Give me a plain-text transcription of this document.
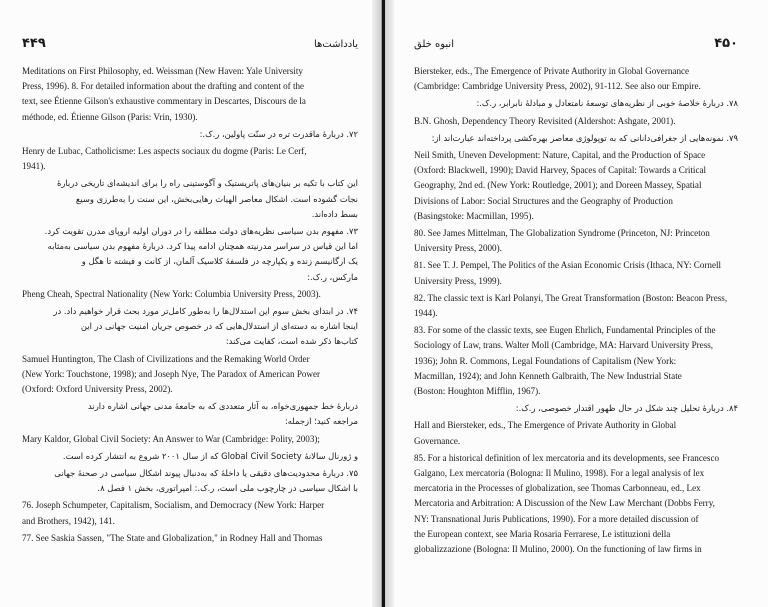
۴۴۹	یادداشت‌ها
Meditations on First Philosophy, ed. Weissman (New Haven: Yale University
Press, 1996). 8. For detailed information about the drafting and content of the
text, see Étienne Gilson's exhaustive commentary in Descartes, Discours de la
méthode, ed. Étienne Gilson (Paris: Vrin, 1930).
۷۲. دربارهٔ ماقدرت تره در سنّت پاولین، ر.ک.:
Henry de Lubac, Catholicisme: Les aspects sociaux du dogme (Paris: Le Cerf,
1941).
این کتاب با تکیه بر بنیان‌های پاتریستیک و آگوستینی راه را برای اندیشه‌ای تاریخی دربارهٔ
نجات گشوده است. اشکال معاصر الهیات رهایی‌بخش، این سنت را به‌طرزی وسیع
بسط داده‌اند.
۷۳. مفهوم بدن سیاسی نظریه‌های دولت مطلقه را در دوران اولیه اروپای مدرن تقویت کرد.
اما این قیاس در سراسر مدرنیته همچنان ادامه پیدا کرد. دربارهٔ مفهوم بدن سیاسی به‌مثابه
یک ارگانیسم زنده و یکپارچه در فلسفهٔ کلاسیک آلمان، از کانت و فیشته تا هگل و
مارکس، ر.ک.:
Pheng Cheah, Spectral Nationality (New York: Columbia University Press, 2003).
۷۴. در ابتدای بخش سوم این استدلال‌ها را به‌طور کامل‌تر مورد بحث قرار خواهیم داد. در
اینجا اشاره به دسته‌ای از استدلال‌هایی که در خصوص جریان امنیت جهانی در این
کتاب‌ها ذکر شده است، کفایت می‌کند:
Samuel Huntington, The Clash of Civilizations and the Remaking World Order
(New York: Touchstone, 1998); and Joseph Nye, The Paradox of American Power
(Oxford: Oxford University Press, 2002).
دربارهٔ خط جمهوری‌خواه، به آثار متعددی که به جامعهٔ مدنی جهانی اشاره دارند
مراجعه کنید؛ ازجمله:
Mary Kaldor, Global Civil Society: An Answer to War (Cambridge: Polity, 2003);
و ژورنال سالانهٔ Global Civil Society که از سال ۲۰۰۱ شروع به انتشار کرده است.
۷۵. دربارهٔ محدودیت‌های دقیقی یا داخلهٔ که به‌دنبال پیوند اشکال سیاسی در صحنهٔ جهانی
با اشکال سیاسی در چارچوب ملی است، ر.ک.: امپراتوری، بخش ۱ فصل ۸.
76. Joseph Schumpeter, Capitalism, Socialism, and Democracy (New York: Harper
and Brothers, 1942), 141.
77. See Saskia Sassen, "The State and Globalization," in Rodney Hall and Thomas
انبوه خلق	۴۵۰
Biersteker, eds., The Emergence of Private Authority in Global Governance
(Cambridge: Cambridge University Press, 2002), 91-112. See also our Empire.
۷۸. دربارهٔ خلاصهٔ خوبی از نظریه‌های توسعهٔ نامتعادل و مبادلهٔ نابرابر، ر.ک.:
B.N. Ghosh, Dependency Theory Revisited (Aldershot: Ashgate, 2001).
۷۹. نمونه‌هایی از جغرافی‌دانانی که به توپولوژی معاصر بهره‌کشی پرداخته‌اند عبارت‌اند از:
Neil Smith, Uneven Development: Nature, Capital, and the Production of Space
(Oxford: Blackwell, 1990); David Harvey, Spaces of Capital: Towards a Critical
Geography, 2nd ed. (New York: Routledge, 2001); and Doreen Massey, Spatial
Divisions of Labor: Social Structures and the Geography of Production
(Basingstoke: Macmillan, 1995).
80. See James Mittelman, The Globalization Syndrome (Princeton, NJ: Princeton
University Press, 2000).
81. See T. J. Pempel, The Politics of the Asian Economic Crisis (Ithaca, NY: Cornell
University Press, 1999).
82. The classic text is Karl Polanyi, The Great Transformation (Boston: Beacon Press,
1944).
83. For some of the classic texts, see Eugen Ehrlich, Fundamental Principles of the
Sociology of Law, trans. Walter Moll (Cambridge, MA: Harvard University Press,
1936); John R. Commons, Legal Foundations of Capitalism (New York:
Macmillan, 1924); and John Kenneth Galbraith, The New Industrial State
(Boston: Houghton Mifflin, 1967).
۸۴. دربارهٔ تحلیل چند شکل در حال ظهور اقتدار خصوصی، ر.ک.:
Hall and Biersteker, eds., The Emergence of Private Authority in Global
Governance.
85. For a historical definition of lex mercatoria and its developments, see Francesco
Galgano, Lex mercatoria (Bologna: Il Mulino, 1998). For a legal analysis of lex
mercatoria in the Processes of globalization, see Thomas Carbonneau, ed., Lex
Mercatoria and Arbitration: A Discussion of the New Law Merchant (Dobbs Ferry,
NY: Transnational Juris Publications, 1990). For a more detailed discussion of
the European context, see Maria Rosaria Ferrarese, Le istituzioni della
globalizzazione (Bologna: Il Mulino, 2000). On the functioning of law firms in
